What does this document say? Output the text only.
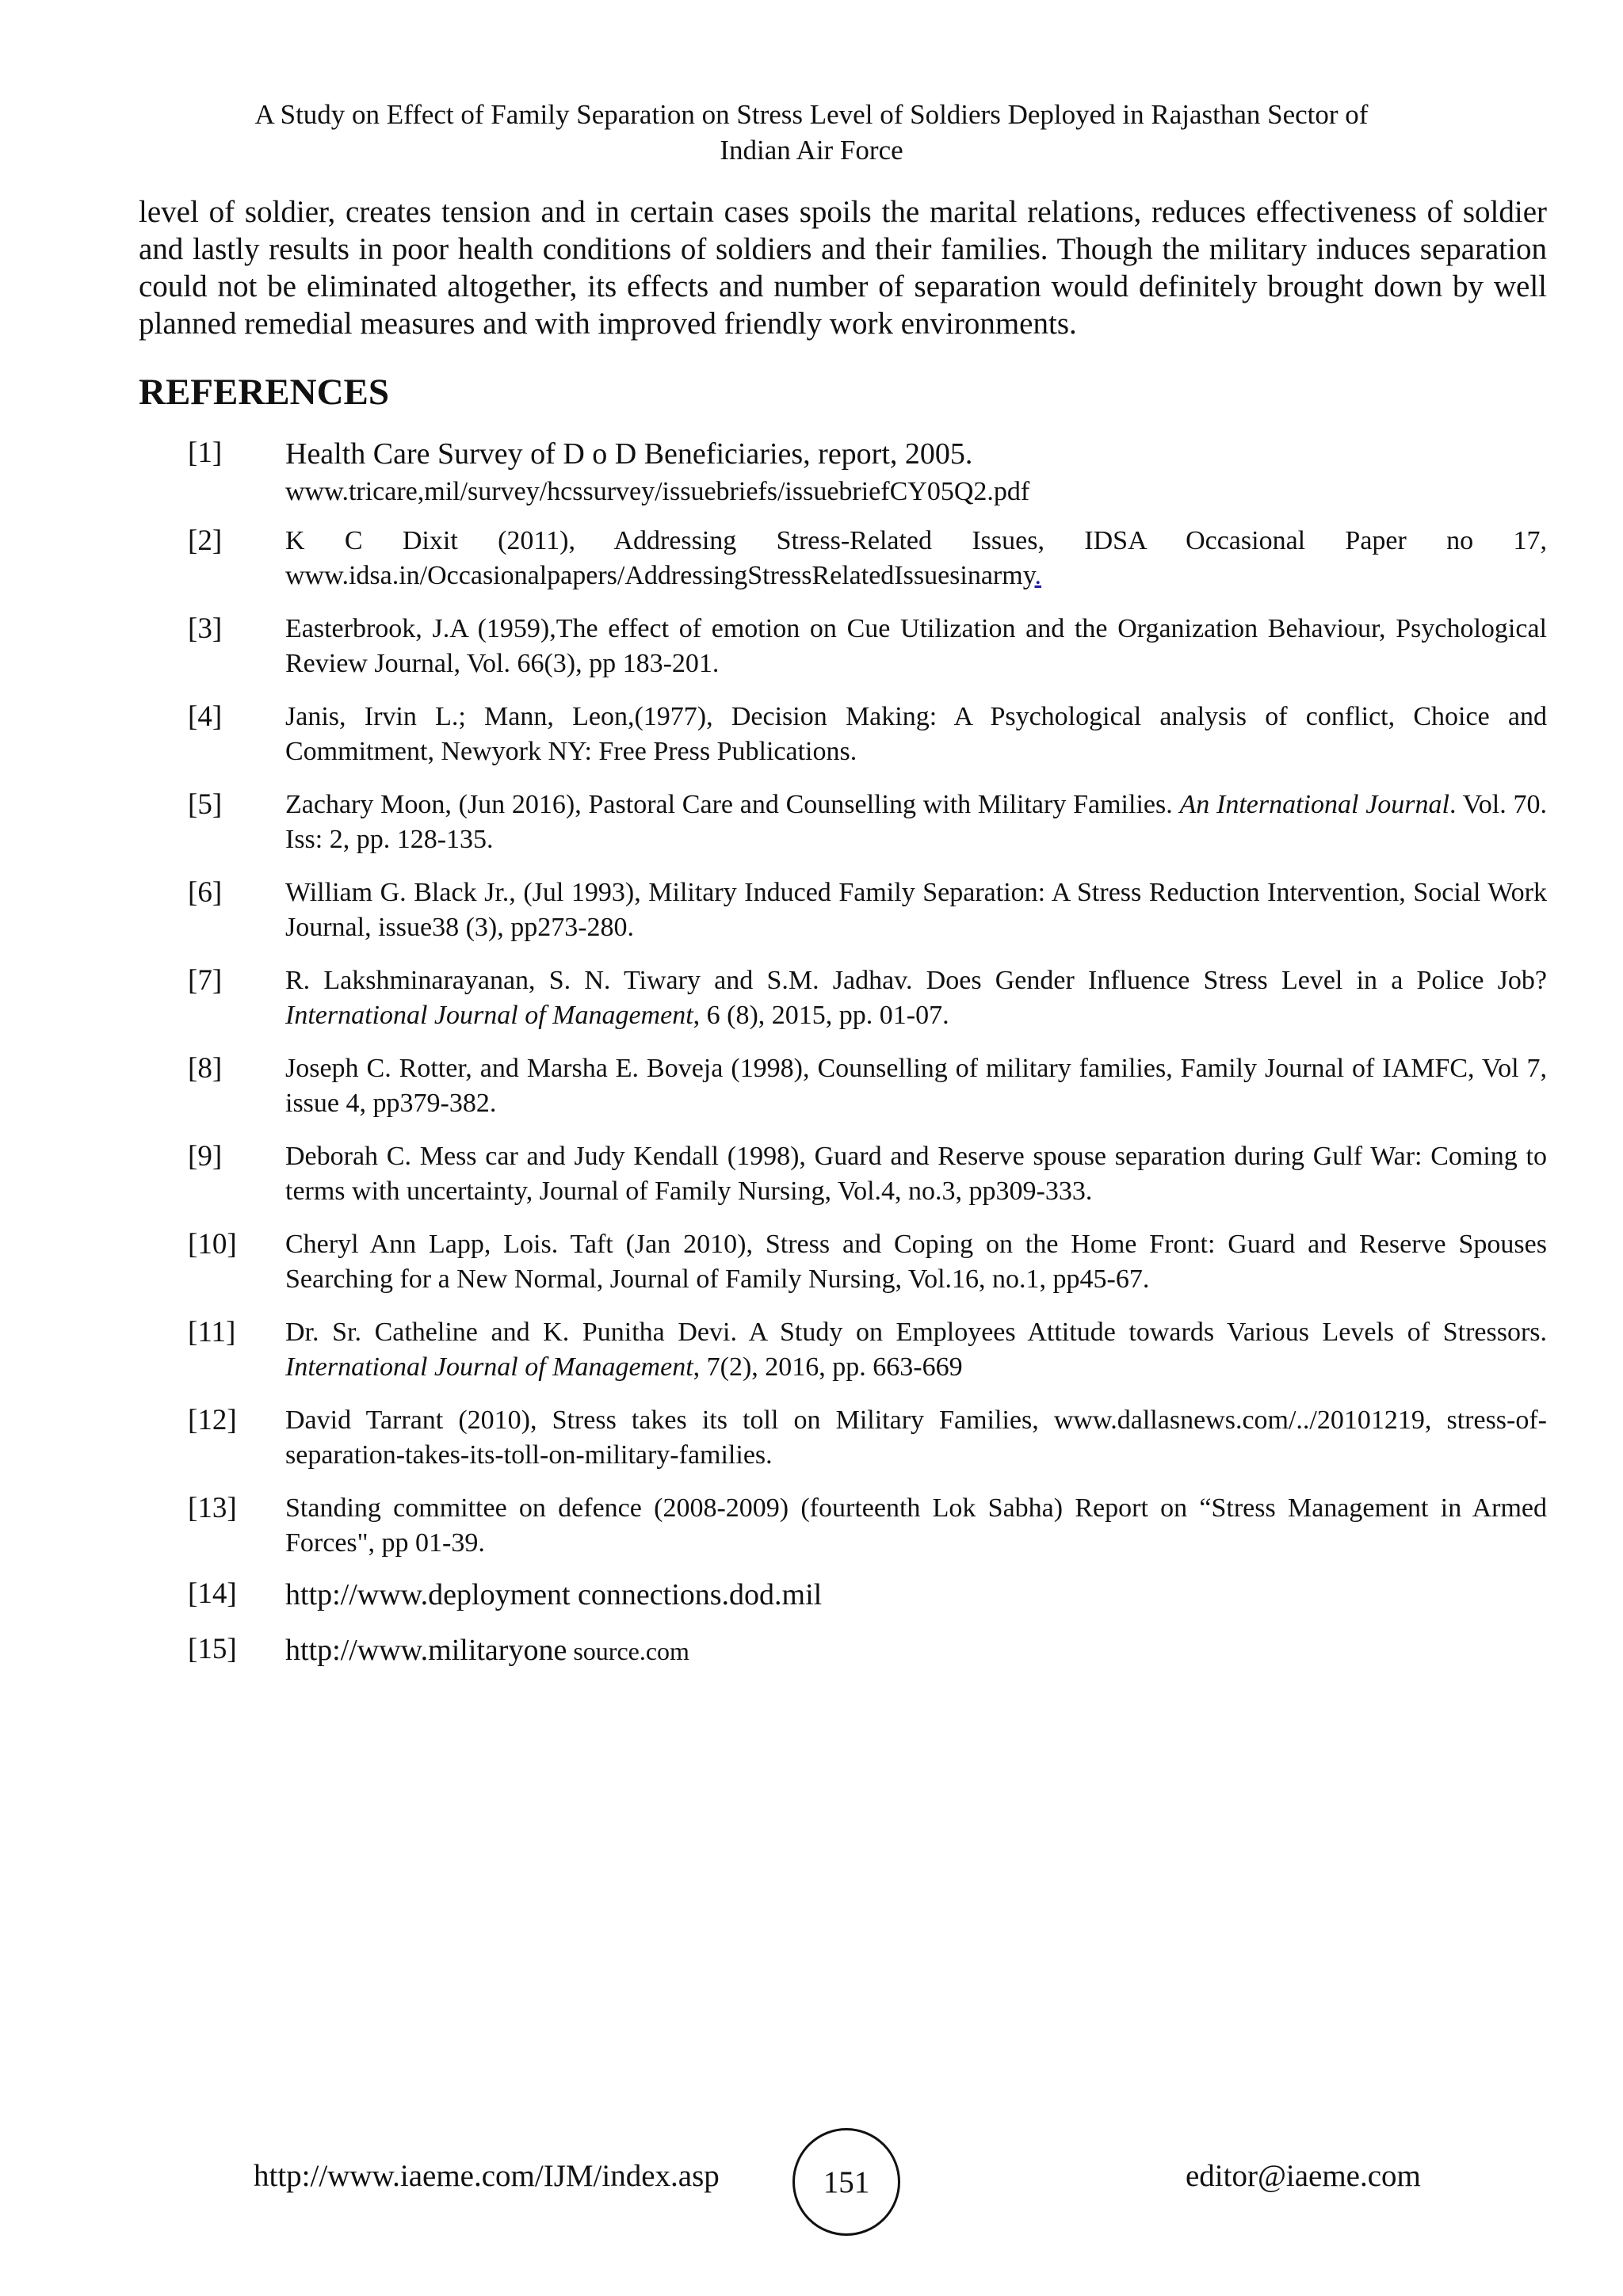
A Study on Effect of Family Separation on Stress Level of Soldiers Deployed in Rajasthan Sector of
Indian Air Force

level of soldier, creates tension and in certain cases spoils the marital relations, reduces effectiveness of soldier and lastly results in poor health conditions of soldiers and their families. Though the military induces separation could not be eliminated altogether, its effects and number of separation would definitely brought down by well planned remedial measures and with improved friendly work environments.

REFERENCES
[1] Health Care Survey of D o D Beneficiaries, report, 2005.
www.tricare,mil/survey/hcssurvey/issuebriefs/issuebriefCY05Q2.pdf
[2] K C Dixit (2011), Addressing Stress-Related Issues, IDSA Occasional Paper no 17, www.idsa.in/Occasionalpapers/AddressingStressRelatedIssuesinarmy.
[3] Easterbrook, J.A (1959),The effect of emotion on Cue Utilization and the Organization Behaviour, Psychological Review Journal, Vol. 66(3), pp 183-201.
[4] Janis, Irvin L.; Mann, Leon,(1977), Decision Making: A Psychological analysis of conflict, Choice and Commitment, Newyork NY: Free Press Publications.
[5] Zachary Moon, (Jun 2016), Pastoral Care and Counselling with Military Families. An International Journal. Vol. 70. Iss: 2, pp. 128-135.
[6] William G. Black Jr., (Jul 1993), Military Induced Family Separation: A Stress Reduction Intervention, Social Work Journal, issue38 (3), pp273-280.
[7] R. Lakshminarayanan, S. N. Tiwary and S.M. Jadhav. Does Gender Influence Stress Level in a Police Job? International Journal of Management, 6 (8), 2015, pp. 01-07.
[8] Joseph C. Rotter, and Marsha E. Boveja (1998), Counselling of military families, Family Journal of IAMFC, Vol 7, issue 4, pp379-382.
[9] Deborah C. Mess car and Judy Kendall (1998), Guard and Reserve spouse separation during Gulf War: Coming to terms with uncertainty, Journal of Family Nursing, Vol.4, no.3, pp309-333.
[10] Cheryl Ann Lapp, Lois. Taft (Jan 2010), Stress and Coping on the Home Front: Guard and Reserve Spouses Searching for a New Normal, Journal of Family Nursing, Vol.16, no.1, pp45-67.
[11] Dr. Sr. Catheline and K. Punitha Devi. A Study on Employees Attitude towards Various Levels of Stressors. International Journal of Management, 7(2), 2016, pp. 663-669
[12] David Tarrant (2010), Stress takes its toll on Military Families, www.dallasnews.com/../20101219, stress-of-separation-takes-its-toll-on-military-families.
[13] Standing committee on defence (2008-2009) (fourteenth Lok Sabha) Report on “Stress Management in Armed Forces", pp 01-39.
[14] http://www.deployment connections.dod.mil
[15] http://www.militaryone source.com
http://www.iaeme.com/IJM/index.asp	151	editor@iaeme.com
